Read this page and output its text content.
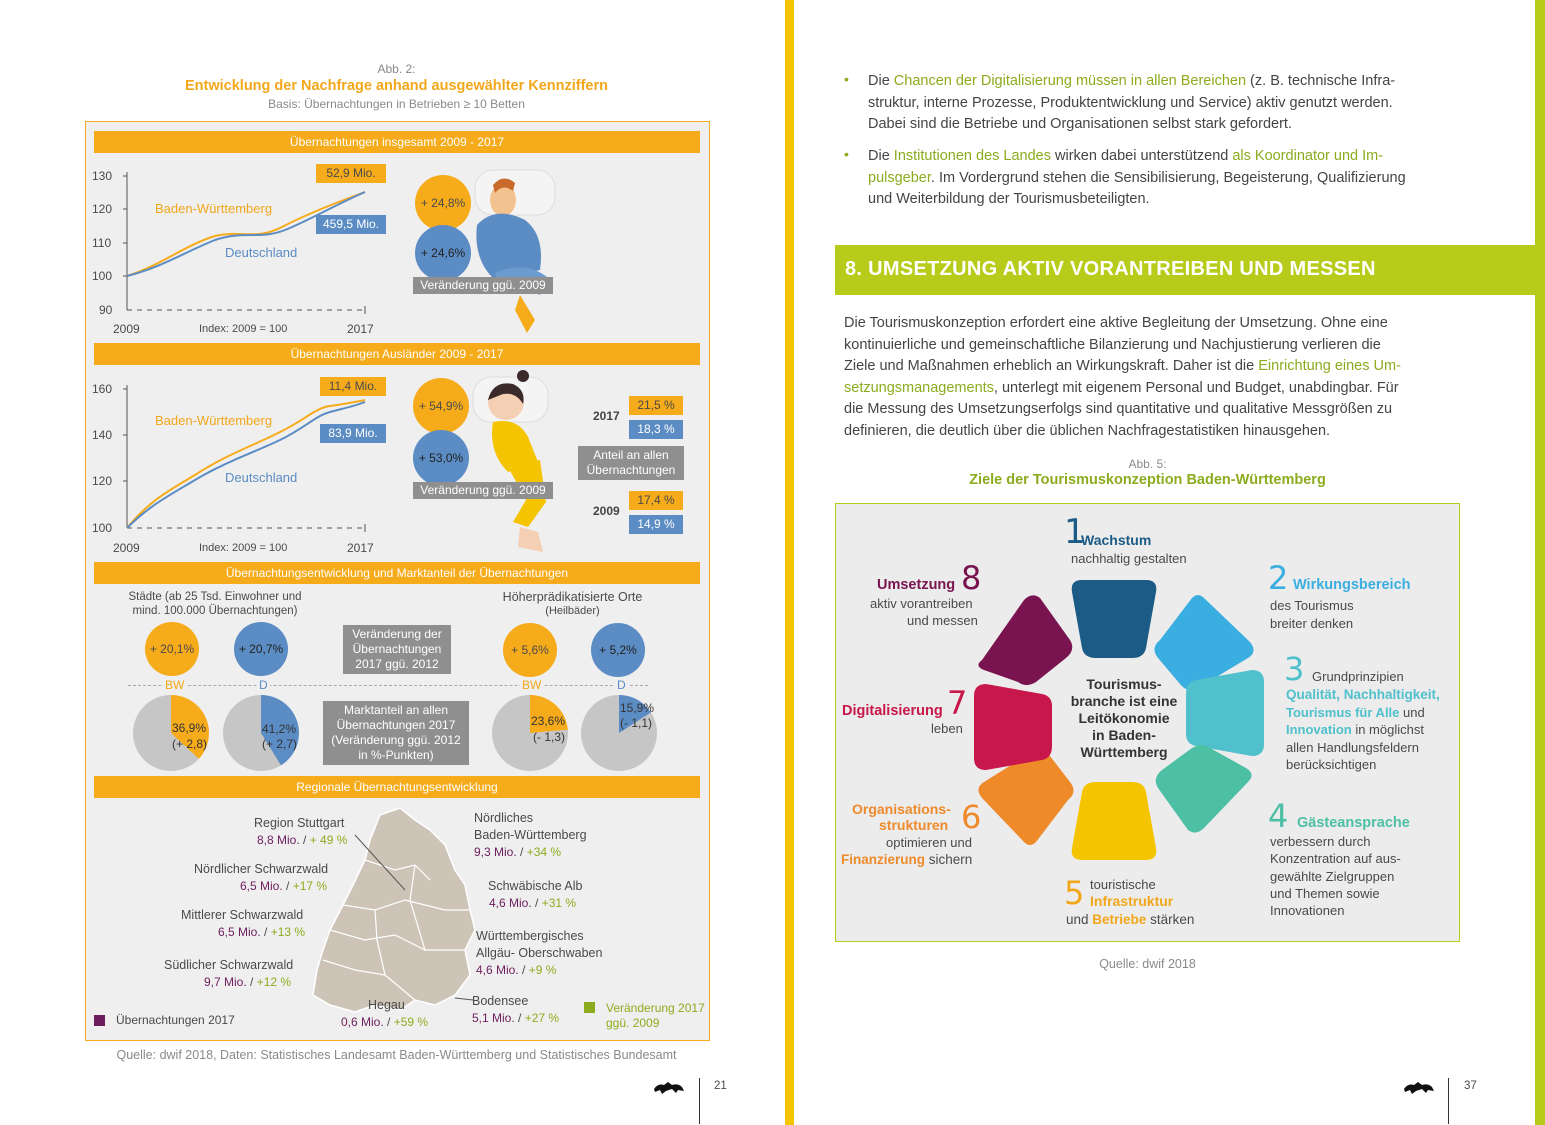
Abb. 2:
Entwicklung der Nachfrage anhand ausgewählter Kennziffern
Basis: Übernachtungen in Betrieben ≥ 10 Betten
Übernachtungen insgesamt 2009 - 2017
130
120
110
100
90
2009	Index: 2009 = 100	2017
Baden-Württemberg
Deutschland
52,9 Mio.
459,5 Mio.
+ 24,8%
+ 24,6%
Veränderung ggü. 2009
Übernachtungen Ausländer 2009 - 2017
160
140
120
100
2009	Index: 2009 = 100	2017
Baden-Württemberg
Deutschland
11,4 Mio.
83,9 Mio.
+ 54,9%
+ 53,0%
Veränderung ggü. 2009
2017
21,5 %
18,3 %
Anteil an allen Übernachtungen
2009
17,4 %
14,9 %
Übernachtungsentwicklung und Marktanteil der Übernachtungen
Städte (ab 25 Tsd. Einwohner und
mind. 100.000 Übernachtungen)
Höherprädikatisierte Orte
(Heilbäder)
+ 20,1%	+ 20,7%	+ 5,6%	+ 5,2%
Veränderung der Übernachtungen 2017 ggü. 2012
BW	D	BW	D
36,9%
(+ 2,8)
41,2%
(+ 2,7)
Marktanteil an allen Übernachtungen 2017 (Veränderung ggü. 2012 in %-Punkten)
23,6%
(- 1,3)
15,9%
(- 1,1)
Regionale Übernachtungsentwicklung
Region Stuttgart
8,8 Mio. / + 49 %
Nördlicher Schwarzwald
6,5 Mio. / +17 %
Mittlerer Schwarzwald
6,5 Mio. / +13 %
Südlicher Schwarzwald
9,7 Mio. / +12 %
Hegau
0,6 Mio. / +59 %
Bodensee
5,1 Mio. / +27 %
Nördliches
Baden-Württemberg
9,3 Mio. / +34 %
Schwäbische Alb
4,6 Mio. / +31 %
Württembergisches
Allgäu- Oberschwaben
4,6 Mio. / +9 %
Übernachtungen 2017
Veränderung 2017
ggü. 2009
Quelle: dwif 2018, Daten: Statistisches Landesamt Baden-Württemberg und Statistisches Bundesamt
21
• Die Chancen der Digitalisierung müssen in allen Bereichen (z. B. technische Infra-
struktur, interne Prozesse, Produktentwicklung und Service) aktiv genutzt werden.
Dabei sind die Betriebe und Organisationen selbst stark gefordert.
• Die Institutionen des Landes wirken dabei unterstützend als Koordinator und Im-
pulsgeber. Im Vordergrund stehen die Sensibilisierung, Begeisterung, Qualifizierung
und Weiterbildung der Tourismusbeteiligten.
8. UMSETZUNG AKTIV VORANTREIBEN UND MESSEN
Die Tourismuskonzeption erfordert eine aktive Begleitung der Umsetzung. Ohne eine
kontinuierliche und gemeinschaftliche Bilanzierung und Nachjustierung verlieren die
Ziele und Maßnahmen erheblich an Wirkungskraft. Daher ist die Einrichtung eines Um-
setzungsmanagements, unterlegt mit eigenem Personal und Budget, unabdingbar. Für
die Messung des Umsetzungserfolgs sind quantitative und qualitative Messgrößen zu
definieren, die deutlich über die üblichen Nachfragestatistiken hinausgehen.
Abb. 5:
Ziele der Tourismuskonzeption Baden-Württemberg
Tourismus-
branche ist eine
Leitökonomie
in Baden-
Württemberg
1
Wachstum
nachhaltig gestalten
2 Wirkungsbereich
des Tourismus
breiter denken
3 Grundprinzipien
Qualität, Nachhaltigkeit,
Tourismus für Alle und
Innovation in möglichst
allen Handlungsfeldern
berücksichtigen
4 Gästeansprache
verbessern durch
Konzentration auf aus-
gewählte Zielgruppen
und Themen sowie
Innovationen
5 touristische
Infrastruktur
und Betriebe stärken
Organisations-
strukturen 6
optimieren und
Finanzierung sichern
Digitalisierung 7
leben
Umsetzung 8
aktiv vorantreiben
und messen
Quelle: dwif 2018
37
